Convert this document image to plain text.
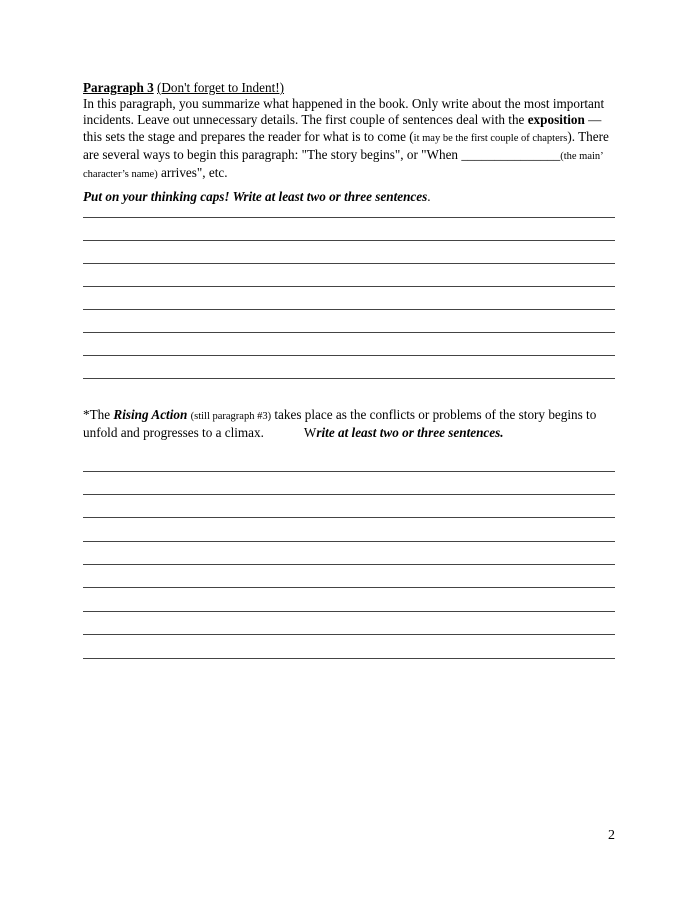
Paragraph 3 (Don't forget to Indent!)
In this paragraph, you summarize what happened in the book. Only write about the most important incidents. Leave out unnecessary details. The first couple of sentences deal with the exposition — this sets the stage and prepares the reader for what is to come (it may be the first couple of chapters). There are several ways to begin this paragraph: "The story begins", or "When _______________(the main’ character’s name) arrives", etc.
Put on your thinking caps! Write at least two or three sentences.
*The Rising Action (still paragraph #3) takes place as the conflicts or problems of the story begins to unfold and progresses to a climax.	Write at least two or three sentences.
2
